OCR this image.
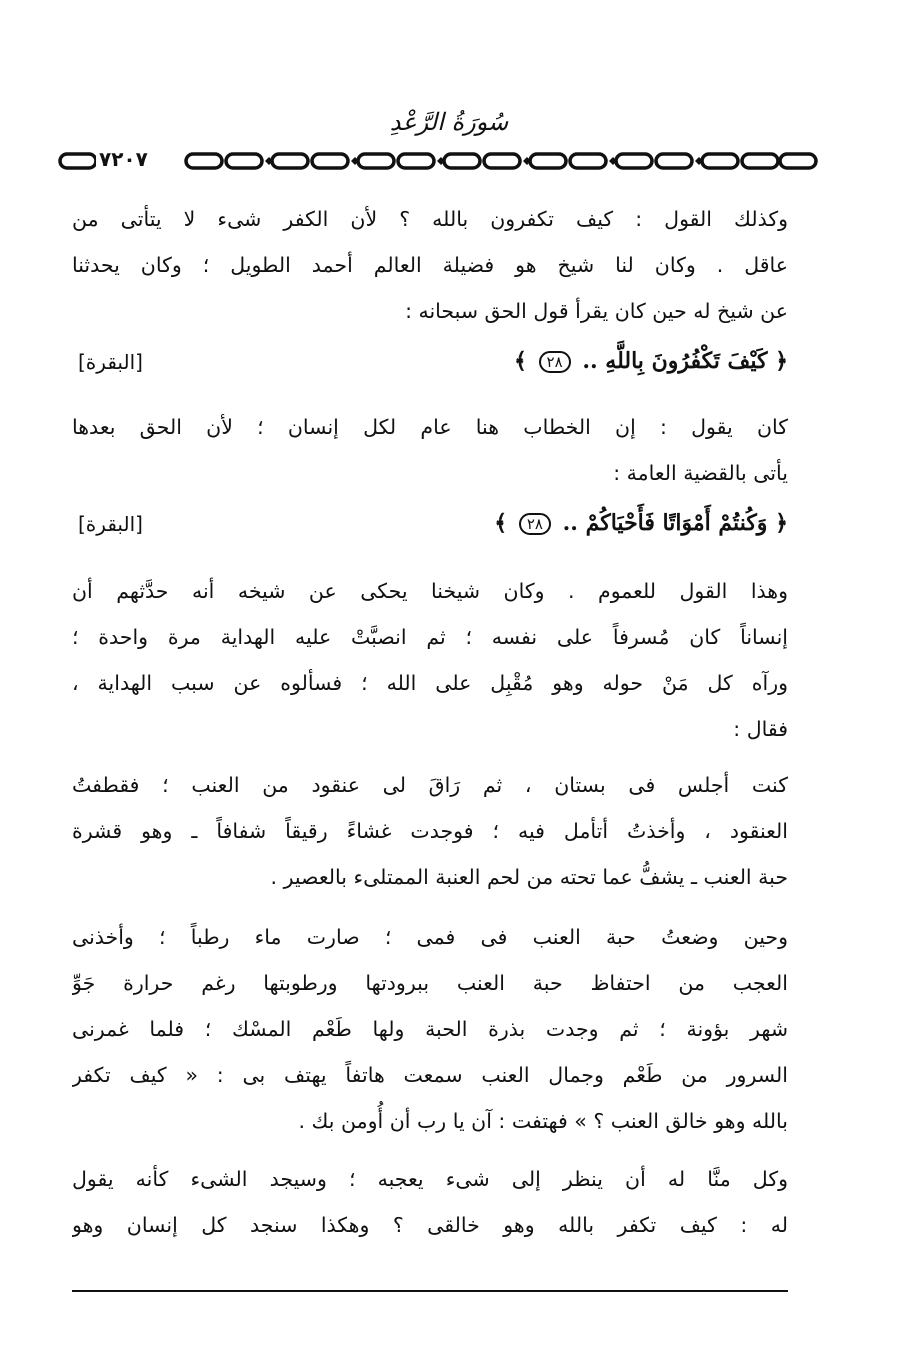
سُورَةُ الرَّعْدِ
٧٢٠٧
وكذلك القول : كيف تكفرون بالله ؟ لأن الكفر شىء لا يتأتى من
عاقل . وكان لنا شيخ هو فضيلة العالم أحمد الطويل ؛ وكان يحدثنا
عن شيخ له حين كان يقرأ قول الحق سبحانه :
﴿ كَيْفَ تَكْفُرُونَ بِاللَّهِ .. ٢٨ ﴾
[البقرة]
كان يقول : إن الخطاب هنا عام لكل إنسان ؛ لأن الحق بعدها
يأتى بالقضية العامة :
﴿ وَكُنتُمْ أَمْوَاتًا فَأَحْيَاكُمْ .. ٢٨ ﴾
[البقرة]
وهذا القول للعموم . وكان شيخنا يحكى عن شيخه أنه حدَّثهم أن
إنساناً كان مُسرفاً على نفسه ؛ ثم انصبَّتْ عليه الهداية مرة واحدة ؛
ورآه كل مَنْ حوله وهو مُقْبِل على الله ؛ فسألوه عن سبب الهداية ،
فقال :
كنت أجلس فى بستان ، ثم رَاقَ لى عنقود من العنب ؛ فقطفتُ
العنقود ، وأخذتُ أتأمل فيه ؛ فوجدت غشاءً رقيقاً شفافاً ـ وهو قشرة
حبة العنب ـ يشفُّ عما تحته من لحم العنبة الممتلىء بالعصير .
وحين وضعتُ حبة العنب فى فمى ؛ صارت ماء رطباً ؛ وأخذنى
العجب من احتفاظ حبة العنب ببرودتها ورطوبتها رغم حرارة جَوِّ
شهر بؤونة ؛ ثم وجدت بذرة الحبة ولها طَعْم المسْك ؛ فلما غمرنى
السرور من طَعْم وجمال العنب سمعت هاتفاً يهتف بى : « كيف تكفر
بالله وهو خالق العنب ؟ » فهتفت : آن يا رب أن أُومن بك .
وكل منَّا له أن ينظر إلى شىء يعجبه ؛ وسيجد الشىء كأنه يقول
له : كيف تكفر بالله وهو خالقى ؟ وهكذا سنجد كل إنسان وهو
